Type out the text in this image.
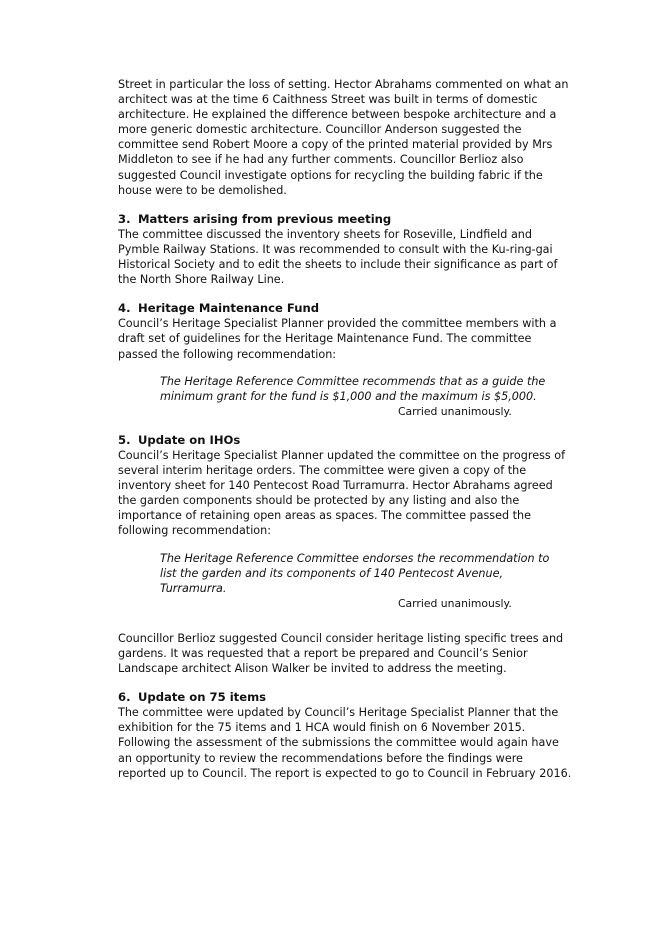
Street in particular the loss of setting. Hector Abrahams commented on what an architect was at the time 6 Caithness Street was built in terms of domestic architecture. He explained the difference between bespoke architecture and a more generic domestic architecture. Councillor Anderson suggested the committee send Robert Moore a copy of the printed material provided by Mrs Middleton to see if he had any further comments. Councillor Berlioz also suggested Council investigate options for recycling the building fabric if the house were to be demolished.

3. Matters arising from previous meeting

The committee discussed the inventory sheets for Roseville, Lindfield and Pymble Railway Stations. It was recommended to consult with the Ku-ring-gai Historical Society and to edit the sheets to include their significance as part of the North Shore Railway Line.

4. Heritage Maintenance Fund

Council’s Heritage Specialist Planner provided the committee members with a draft set of guidelines for the Heritage Maintenance Fund. The committee passed the following recommendation:

The Heritage Reference Committee recommends that as a guide the minimum grant for the fund is $1,000 and the maximum is $5,000.

Carried unanimously.

5. Update on IHOs

Council’s Heritage Specialist Planner updated the committee on the progress of several interim heritage orders. The committee were given a copy of the inventory sheet for 140 Pentecost Road Turramurra. Hector Abrahams agreed the garden components should be protected by any listing and also the importance of retaining open areas as spaces. The committee passed the following recommendation:

The Heritage Reference Committee endorses the recommendation to list the garden and its components of 140 Pentecost Avenue, Turramurra.

Carried unanimously.

Councillor Berlioz suggested Council consider heritage listing specific trees and gardens. It was requested that a report be prepared and Council’s Senior Landscape architect Alison Walker be invited to address the meeting.

6. Update on 75 items

The committee were updated by Council’s Heritage Specialist Planner that the exhibition for the 75 items and 1 HCA would finish on 6 November 2015. Following the assessment of the submissions the committee would again have an opportunity to review the recommendations before the findings were reported up to Council. The report is expected to go to Council in February 2016.
